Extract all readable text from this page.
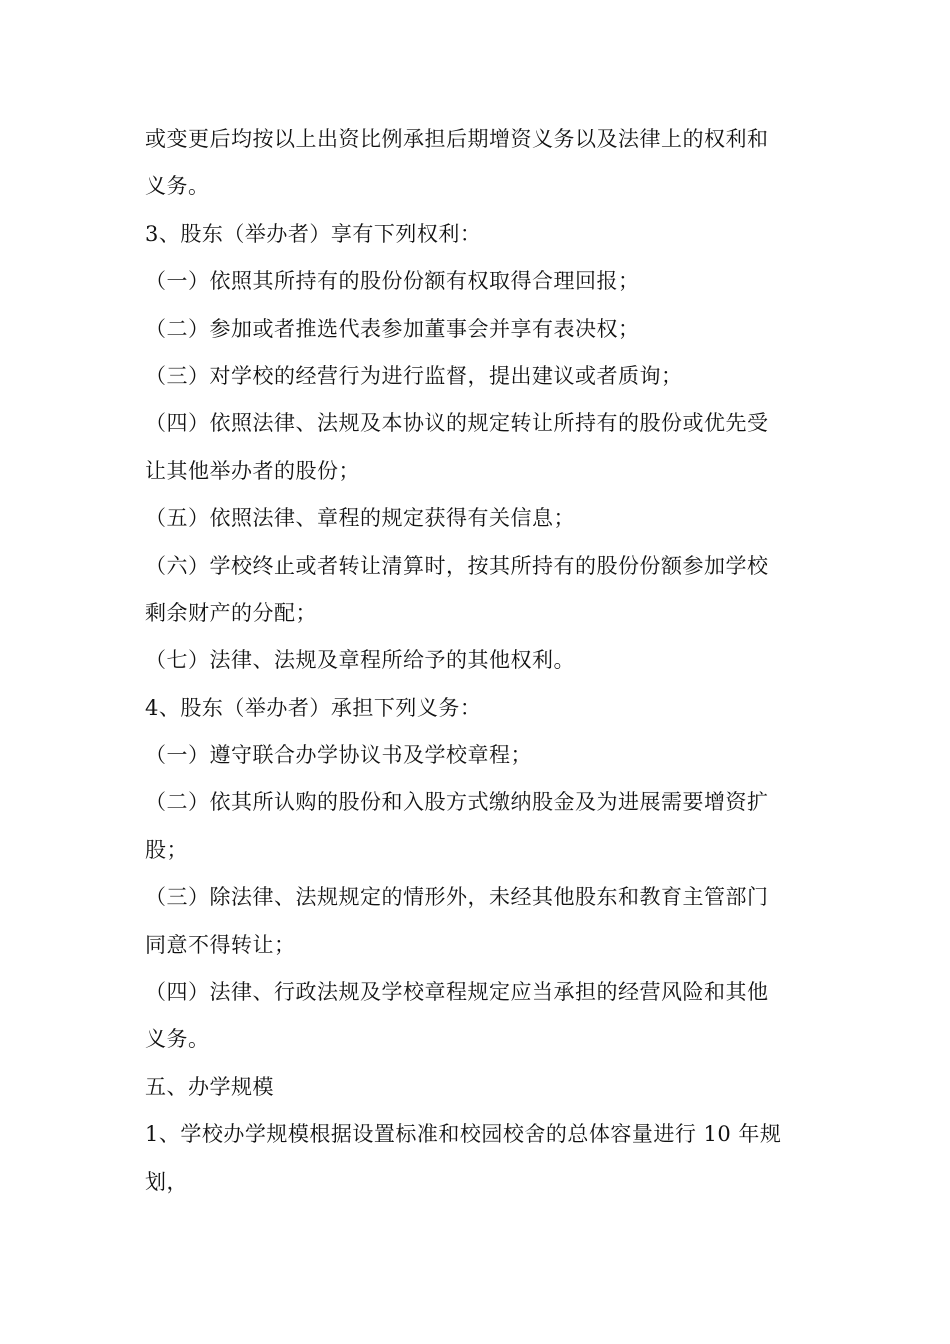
或变更后均按以上出资比例承担后期增资义务以及法律上的权利和
义务。
3、股东（举办者）享有下列权利：
（一）依照其所持有的股份份额有权取得合理回报；
（二）参加或者推选代表参加董事会并享有表决权；
（三）对学校的经营行为进行监督，提出建议或者质询；
（四）依照法律、法规及本协议的规定转让所持有的股份或优先受
让其他举办者的股份；
（五）依照法律、章程的规定获得有关信息；
（六）学校终止或者转让清算时，按其所持有的股份份额参加学校
剩余财产的分配；
（七）法律、法规及章程所给予的其他权利。
4、股东（举办者）承担下列义务：
（一）遵守联合办学协议书及学校章程；
（二）依其所认购的股份和入股方式缴纳股金及为进展需要增资扩
股；
（三）除法律、法规规定的情形外，未经其他股东和教育主管部门
同意不得转让；
（四）法律、行政法规及学校章程规定应当承担的经营风险和其他
义务。
五、办学规模
1、学校办学规模根据设置标准和校园校舍的总体容量进行 10 年规
划，
